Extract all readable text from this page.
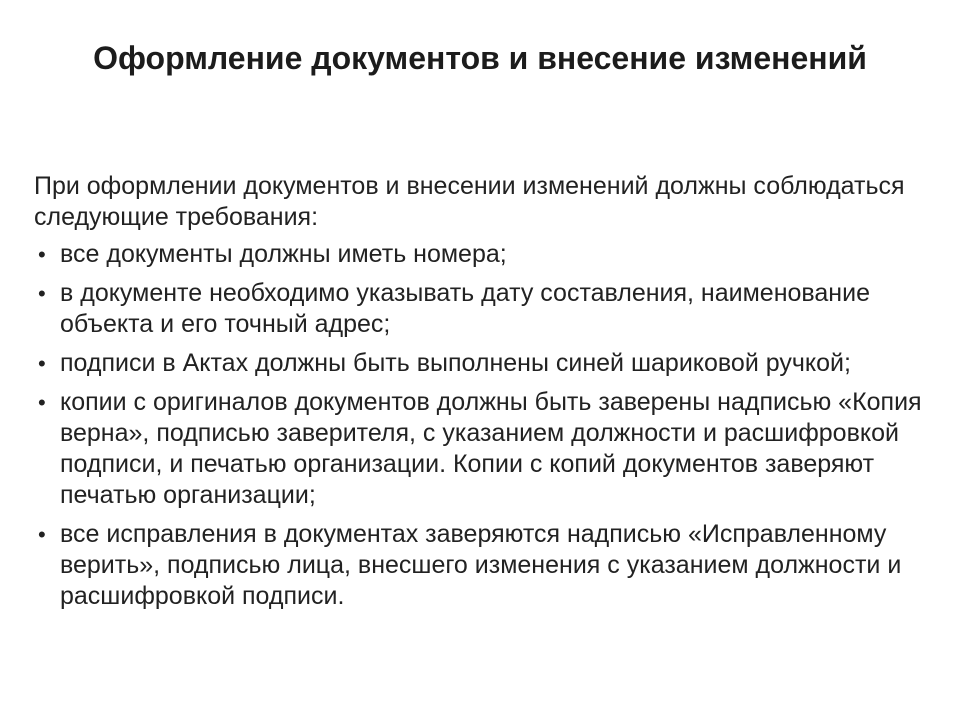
Оформление документов и внесение изменений

При оформлении документов и внесении изменений должны соблюдаться следующие требования:

• все документы должны иметь номера;
• в документе необходимо указывать дату составления, наименование объекта и его точный адрес;
• подписи в Актах должны быть выполнены синей шариковой ручкой;
• копии с оригиналов документов должны быть заверены надписью «Копия верна», подписью заверителя, с указанием должности и расшифровкой подписи, и печатью организации. Копии с копий документов заверяют печатью организации;
• все исправления в документах заверяются надписью «Исправленному верить», подписью лица, внесшего изменения с указанием должности и расшифровкой подписи.
